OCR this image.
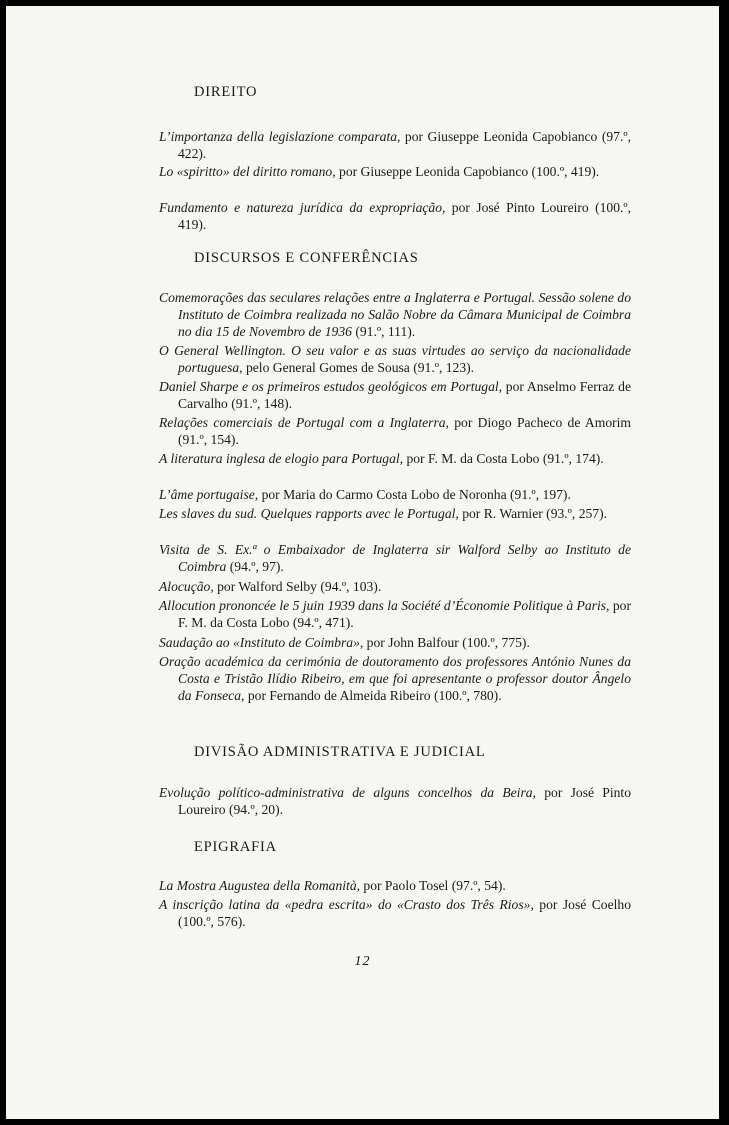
DIREITO
L’importanza della legislazione comparata, por Giuseppe Leonida Capobianco (97.º, 422).
Lo «spiritto» del diritto romano, por Giuseppe Leonida Capobianco (100.º, 419).
Fundamento e natureza jurídica da expropriação, por José Pinto Loureiro (100.º, 419).
DISCURSOS E CONFERÊNCIAS
Comemorações das seculares relações entre a Inglaterra e Portugal. Sessão solene do Instituto de Coimbra realizada no Salão Nobre da Câmara Municipal de Coimbra no dia 15 de Novembro de 1936 (91.º, 111).
O General Wellington. O seu valor e as suas virtudes ao serviço da nacionalidade portuguesa, pelo General Gomes de Sousa (91.º, 123).
Daniel Sharpe e os primeiros estudos geológicos em Portugal, por Anselmo Ferraz de Carvalho (91.º, 148).
Relações comerciais de Portugal com a Inglaterra, por Diogo Pacheco de Amorim (91.º, 154).
A literatura inglesa de elogio para Portugal, por F. M. da Costa Lobo (91.º, 174).
L’âme portugaise, por Maria do Carmo Costa Lobo de Noronha (91.º, 197).
Les slaves du sud. Quelques rapports avec le Portugal, por R. Warnier (93.º, 257).
Visita de S. Ex.ª o Embaixador de Inglaterra sir Walford Selby ao Instituto de Coimbra (94.º, 97).
Alocução, por Walford Selby (94.º, 103).
Allocution prononcée le 5 juin 1939 dans la Société d’Économie Politique à Paris, por F. M. da Costa Lobo (94.º, 471).
Saudação ao «Instituto de Coimbra», por John Balfour (100.º, 775).
Oração académica da cerimónia de doutoramento dos professores António Nunes da Costa e Tristão Ilídio Ribeiro, em que foi apresentante o professor doutor Ângelo da Fonseca, por Fernando de Almeida Ribeiro (100.º, 780).
DIVISÃO ADMINISTRATIVA E JUDICIAL
Evolução político-administrativa de alguns concelhos da Beira, por José Pinto Loureiro (94.º, 20).
EPIGRAFIA
La Mostra Augustea della Romanità, por Paolo Tosel (97.º, 54).
A inscrição latina da «pedra escrita» do «Crasto dos Três Rios», por José Coelho (100.º, 576).
12
